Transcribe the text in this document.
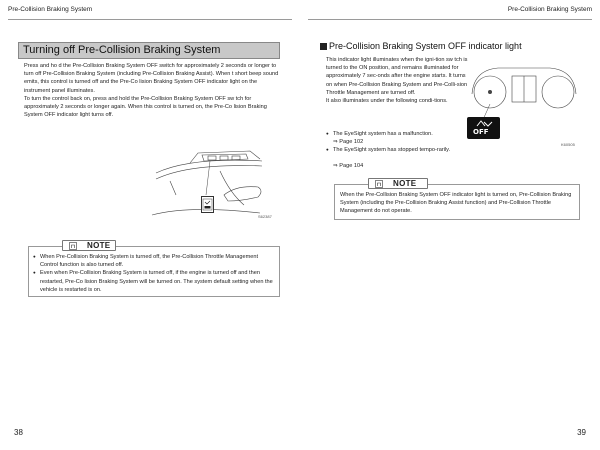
Pre-Collision Braking System	Pre-Collision Braking System
Turning off Pre-Collision Braking System

Press and ho d the Pre-Collision Braking System OFF switch for approximately 2 seconds or longer to turn off Pre-Collision Braking System (including Pre-Collision Braking Assist). When t short beep sound emits, this control is turned off and the Pre-Co lision Braking System OFF indicator light on the instrument panel illuminates.
To turn the control back on, press and hold the Pre-Collision Braking System OFF sw tch for approximately 2 seconds or longer again. When this control is turned on, the Pre-Co lision Braking System OFF indicator light turns off.

S62387
NOTE
● When Pre-Collision Braking System is turned off, the Pre-Collision Throttle Management Control function is also turned off.
● Even when Pre-Collision Braking System is turned off, if the engine is turned off and then restarted, Pre-Co lision Braking System will be turned on. The system default setting when the vehicle is restarted is on.
38
Pre-Collision Braking System OFF indicator light

This indicator light illuminates when the igni-tion sw tch is turned to the ON position, and remains illuminated for approximately 7 sec-onds after the engine starts. It turns on when Pre-Collision Braking System and Pre-Colli-sion Throttle Management are turned off.
It also illuminates under the following condi-tions.

● The EyeSight system has a malfunction.
⇒ Page 102
● The EyeSight system has stopped tempo-rarily.
⇒ Page 104
OFF
K60505
NOTE

When the Pre-Collision Braking System OFF indicator light is turned on, Pre-Collision Braking System (including the Pre-Collision Braking Assist function) and Pre-Collision Throttle Management do not operate.

39
